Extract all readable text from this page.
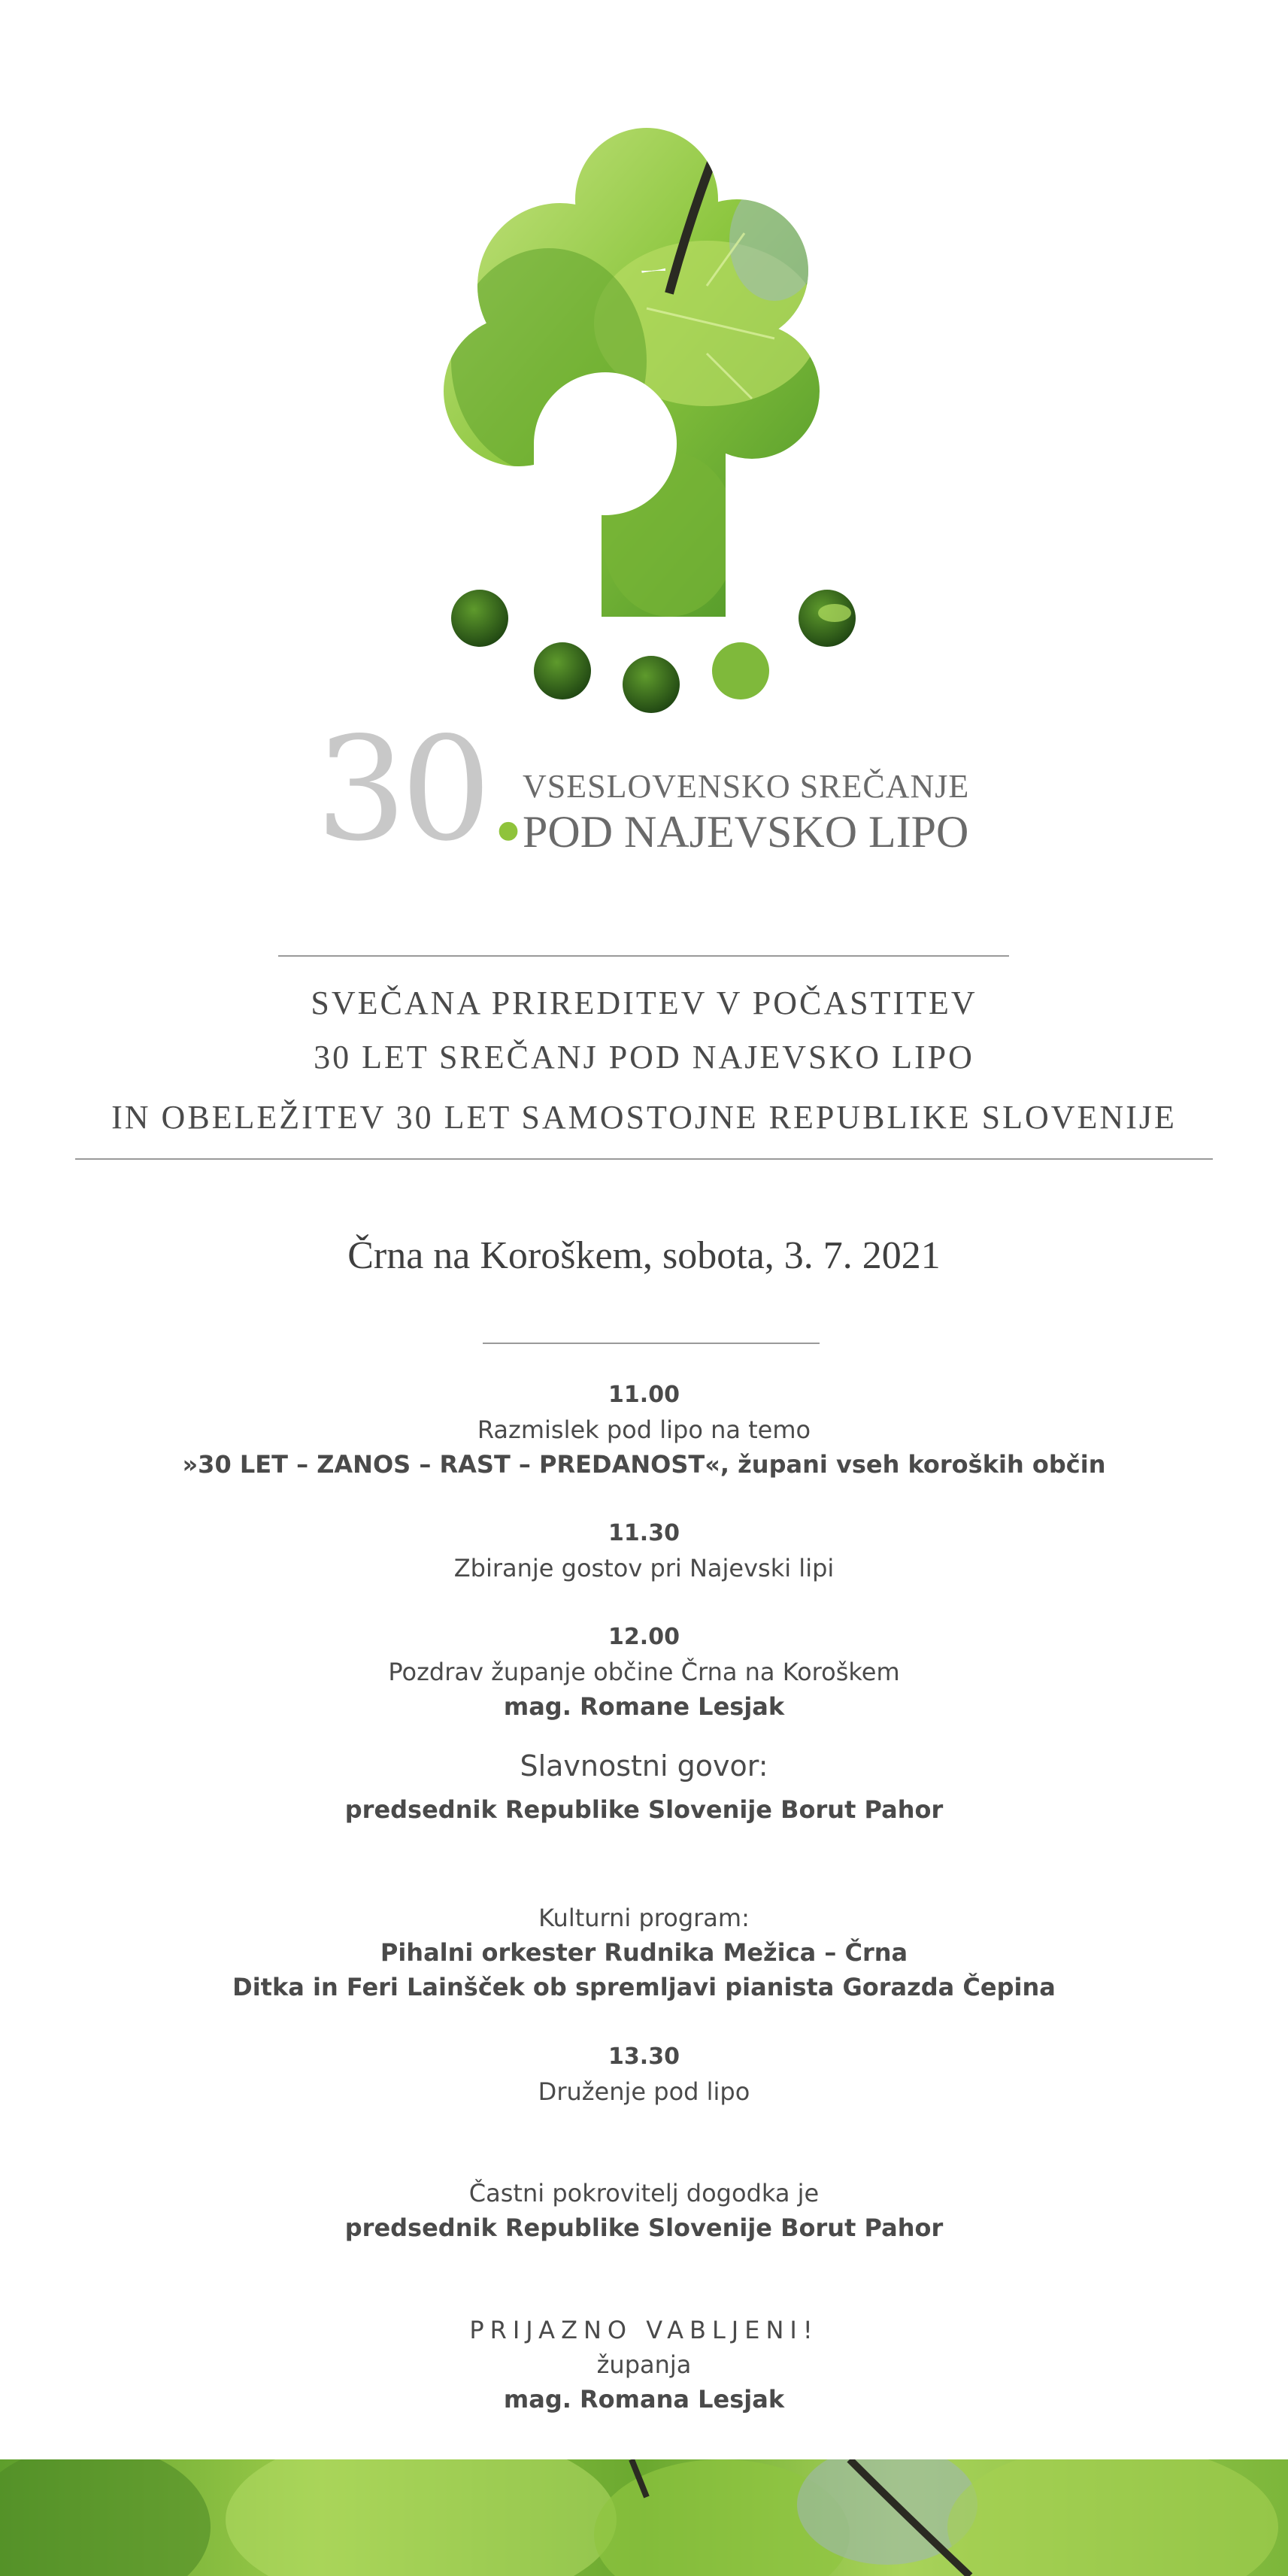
30.
VSESLOVENSKO SREČANJE
POD NAJEVSKO LIPO
SVEČANA PRIREDITEV V POČASTITEV
30 LET SREČANJ POD NAJEVSKO LIPO
IN OBELEŽITEV 30 LET SAMOSTOJNE REPUBLIKE SLOVENIJE
Črna na Koroškem, sobota, 3. 7. 2021
11.00
Razmislek pod lipo na temo
»30 LET – ZANOS – RAST – PREDANOST«, župani vseh koroških občin
11.30
Zbiranje gostov pri Najevski lipi
12.00
Pozdrav županje občine Črna na Koroškem
mag. Romane Lesjak
Slavnostni govor:
predsednik Republike Slovenije Borut Pahor
Kulturni program:
Pihalni orkester Rudnika Mežica – Črna
Ditka in Feri Lainšček ob spremljavi pianista Gorazda Čepina
13.30
Druženje pod lipo
Častni pokrovitelj dogodka je
predsednik Republike Slovenije Borut Pahor
PRIJAZNO VABLJENI!
županja
mag. Romana Lesjak
